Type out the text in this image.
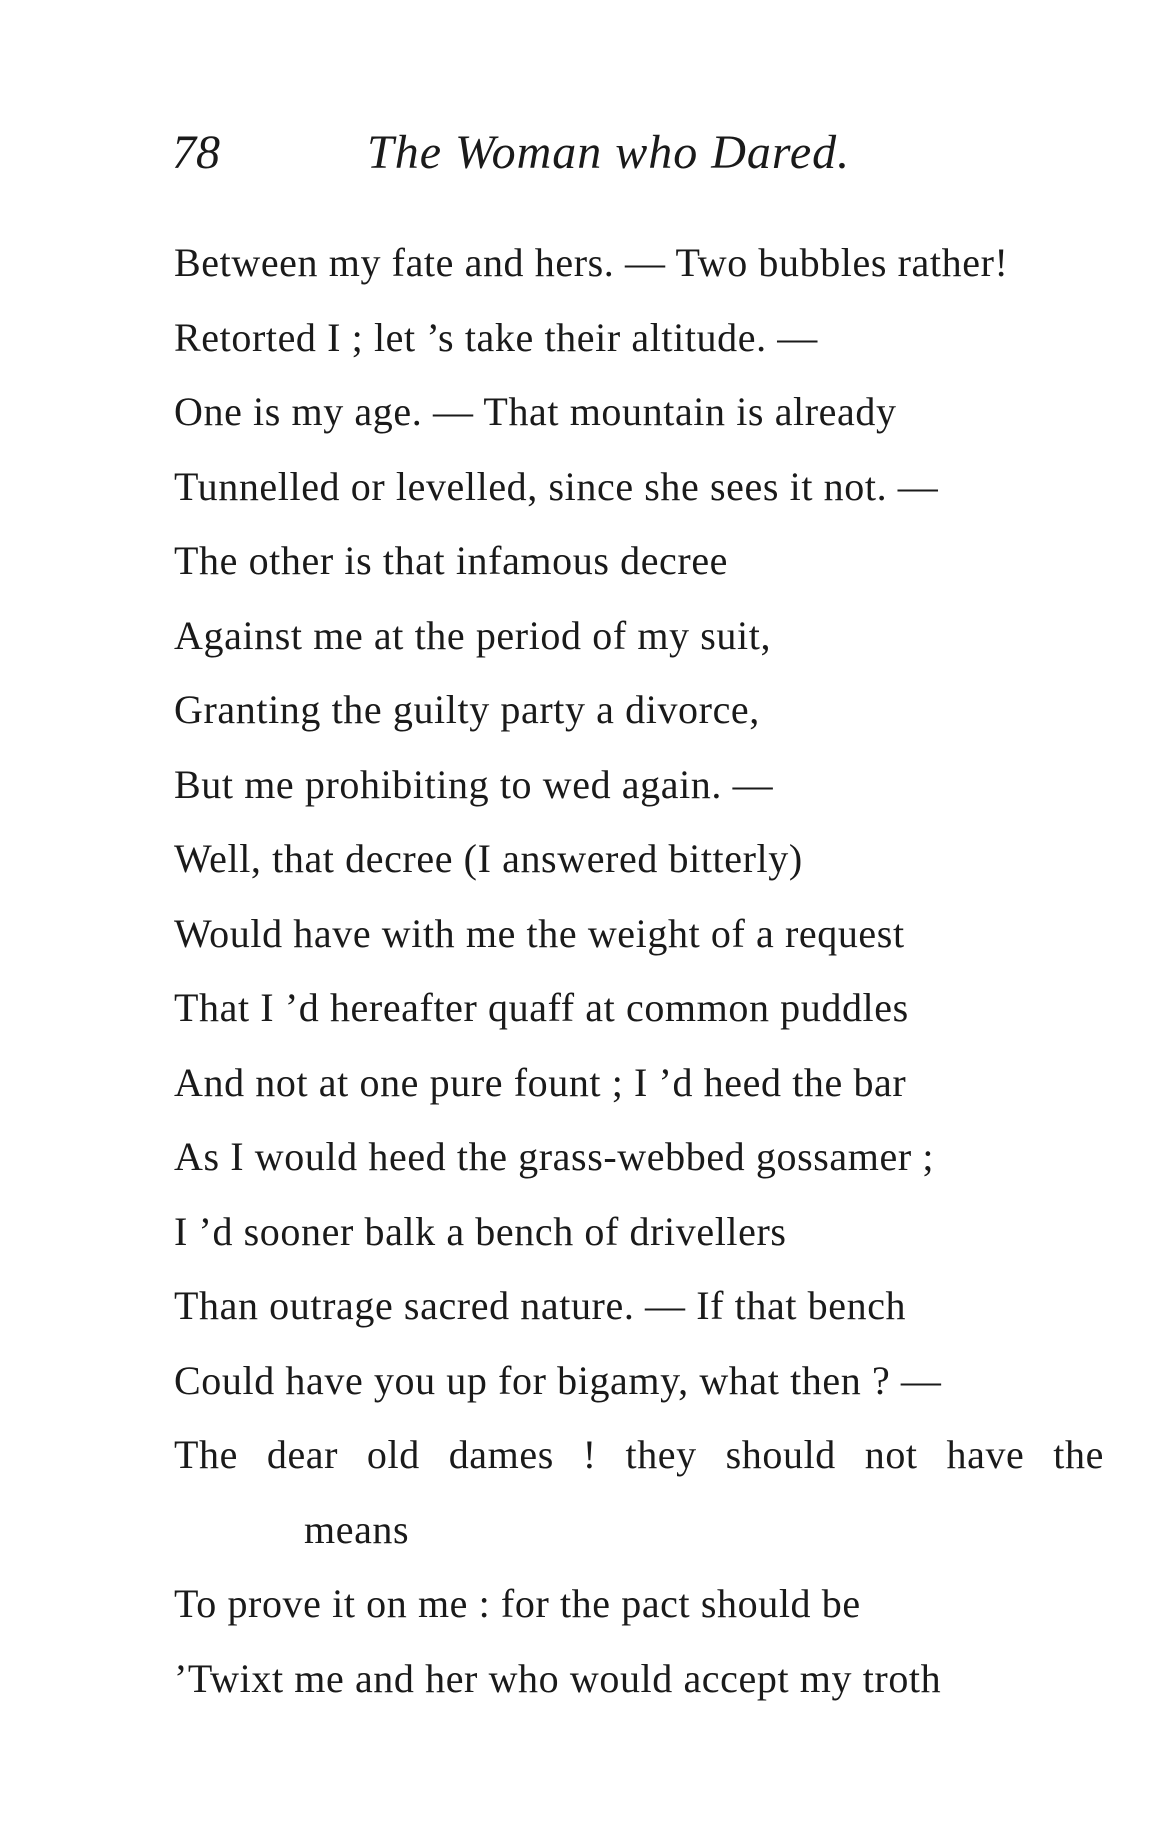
78	The Woman who Dared.
Between my fate and hers. — Two bubbles rather!
Retorted I ; let ’s take their altitude. —
One is my age. — That mountain is already
Tunnelled or levelled, since she sees it not. —
The other is that infamous decree
Against me at the period of my suit,
Granting the guilty party a divorce,
But me prohibiting to wed again. —
Well, that decree (I answered bitterly)
Would have with me the weight of a request
That I ’d hereafter quaff at common puddles
And not at one pure fount ; I ’d heed the bar
As I would heed the grass-webbed gossamer ;
I ’d sooner balk a bench of drivellers
Than outrage sacred nature. — If that bench
Could have you up for bigamy, what then ? —
The dear old dames ! they should not have the
means
To prove it on me : for the pact should be
’Twixt me and her who would accept my troth
